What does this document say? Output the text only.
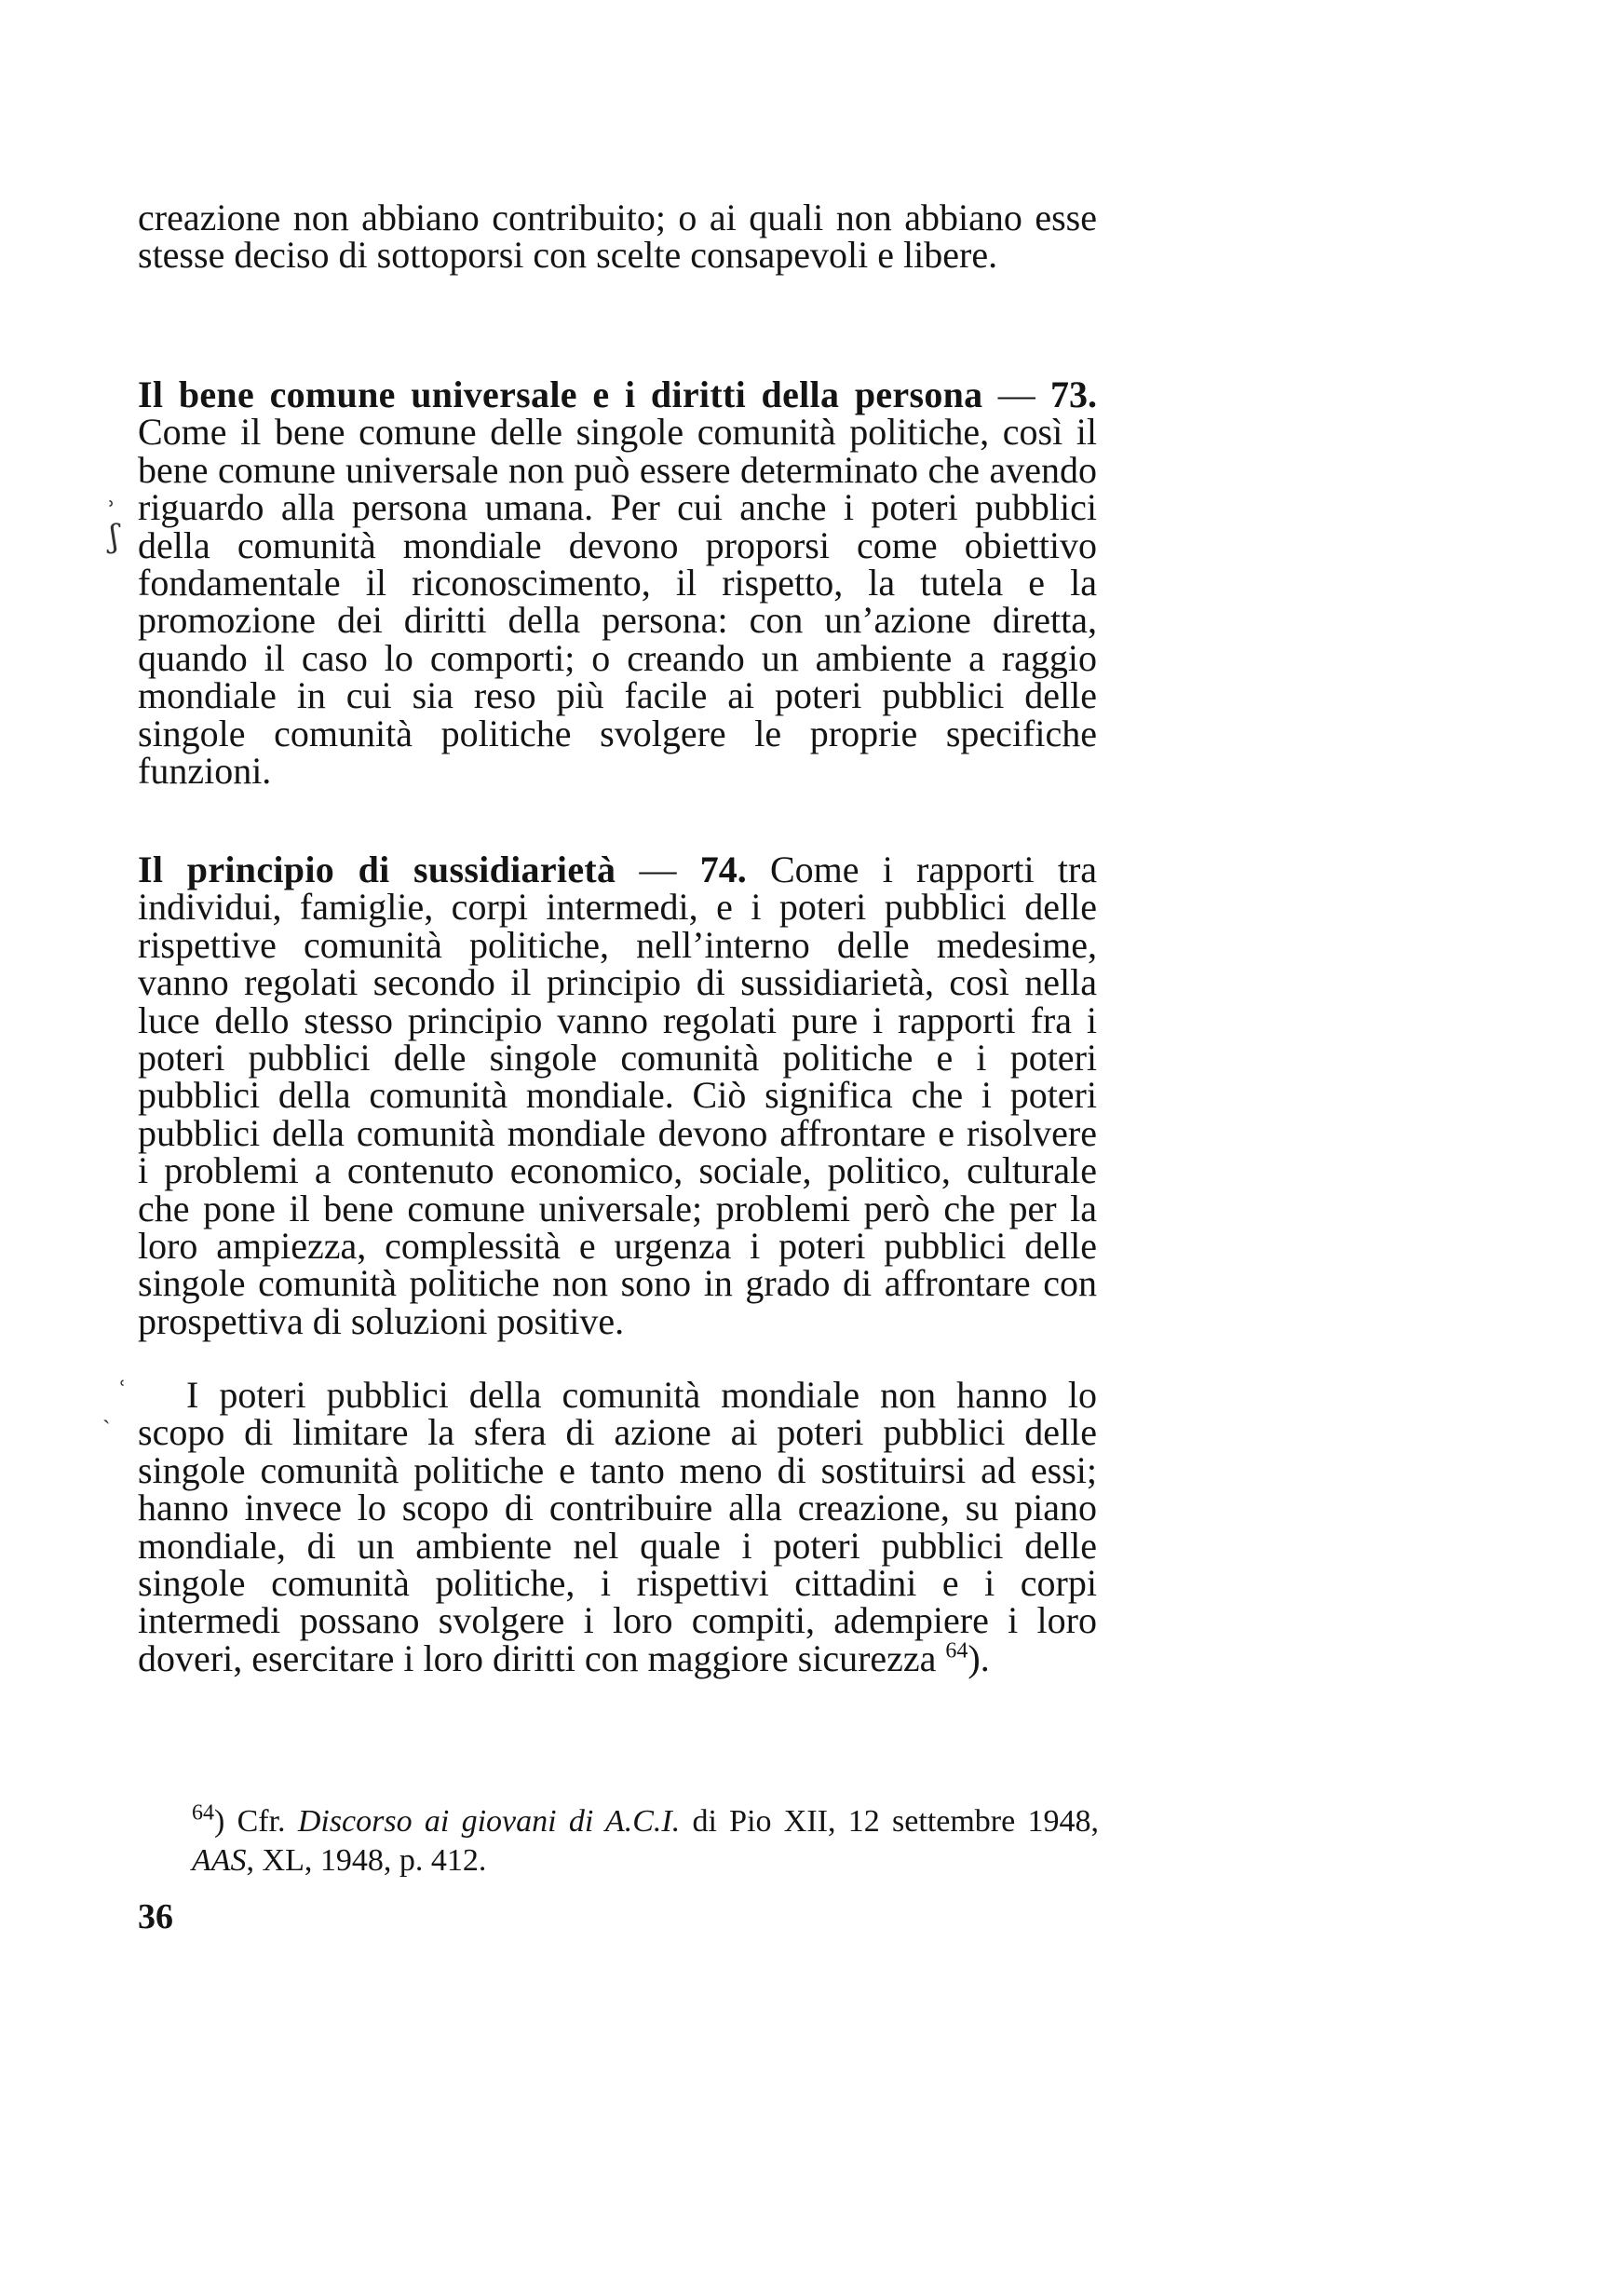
creazione non abbiano contribuito; o ai quali non abbiano esse stesse deciso di sottoporsi con scelte consapevoli e libere.

Il bene comune universale e i diritti della persona — 73. Come il bene comune delle singole comunità politiche, così il bene comune universale non può essere determinato che avendo riguardo alla persona umana. Per cui anche i poteri pubblici della comunità mondiale devono proporsi come obiettivo fondamentale il riconoscimento, il rispetto, la tutela e la promozione dei diritti della persona: con un’azione diretta, quando il caso lo comporti; o creando un ambiente a raggio mondiale in cui sia reso più facile ai poteri pubblici delle singole comunità politiche svolgere le proprie specifiche funzioni.

Il principio di sussidiarietà — 74. Come i rapporti tra individui, famiglie, corpi intermedi, e i poteri pubblici delle rispettive comunità politiche, nell’interno delle medesime, vanno regolati secondo il principio di sussidiarietà, così nella luce dello stesso principio vanno regolati pure i rapporti fra i poteri pubblici delle singole comunità politiche e i poteri pubblici della comunità mondiale. Ciò significa che i poteri pubblici della comunità mondiale devono affrontare e risolvere i problemi a contenuto economico, sociale, politico, culturale che pone il bene comune universale; problemi però che per la loro ampiezza, complessità e urgenza i poteri pubblici delle singole comunità politiche non sono in grado di affrontare con prospettiva di soluzioni positive.

I poteri pubblici della comunità mondiale non hanno lo scopo di limitare la sfera di azione ai poteri pubblici delle singole comunità politiche e tanto meno di sostituirsi ad essi; hanno invece lo scopo di contribuire alla creazione, su piano mondiale, di un ambiente nel quale i poteri pubblici delle singole comunità politiche, i rispettivi cittadini e i corpi intermedi possano svolgere i loro compiti, adempiere i loro doveri, esercitare i loro diritti con maggiore sicurezza $^{64}$).

$^{64}$) Cfr. Discorso ai giovani di A.C.I. di Pio XII, 12 settembre 1948, AAS, XL, 1948, p. 412.

36
ʾ
ʃ
ʿ
ˏ
